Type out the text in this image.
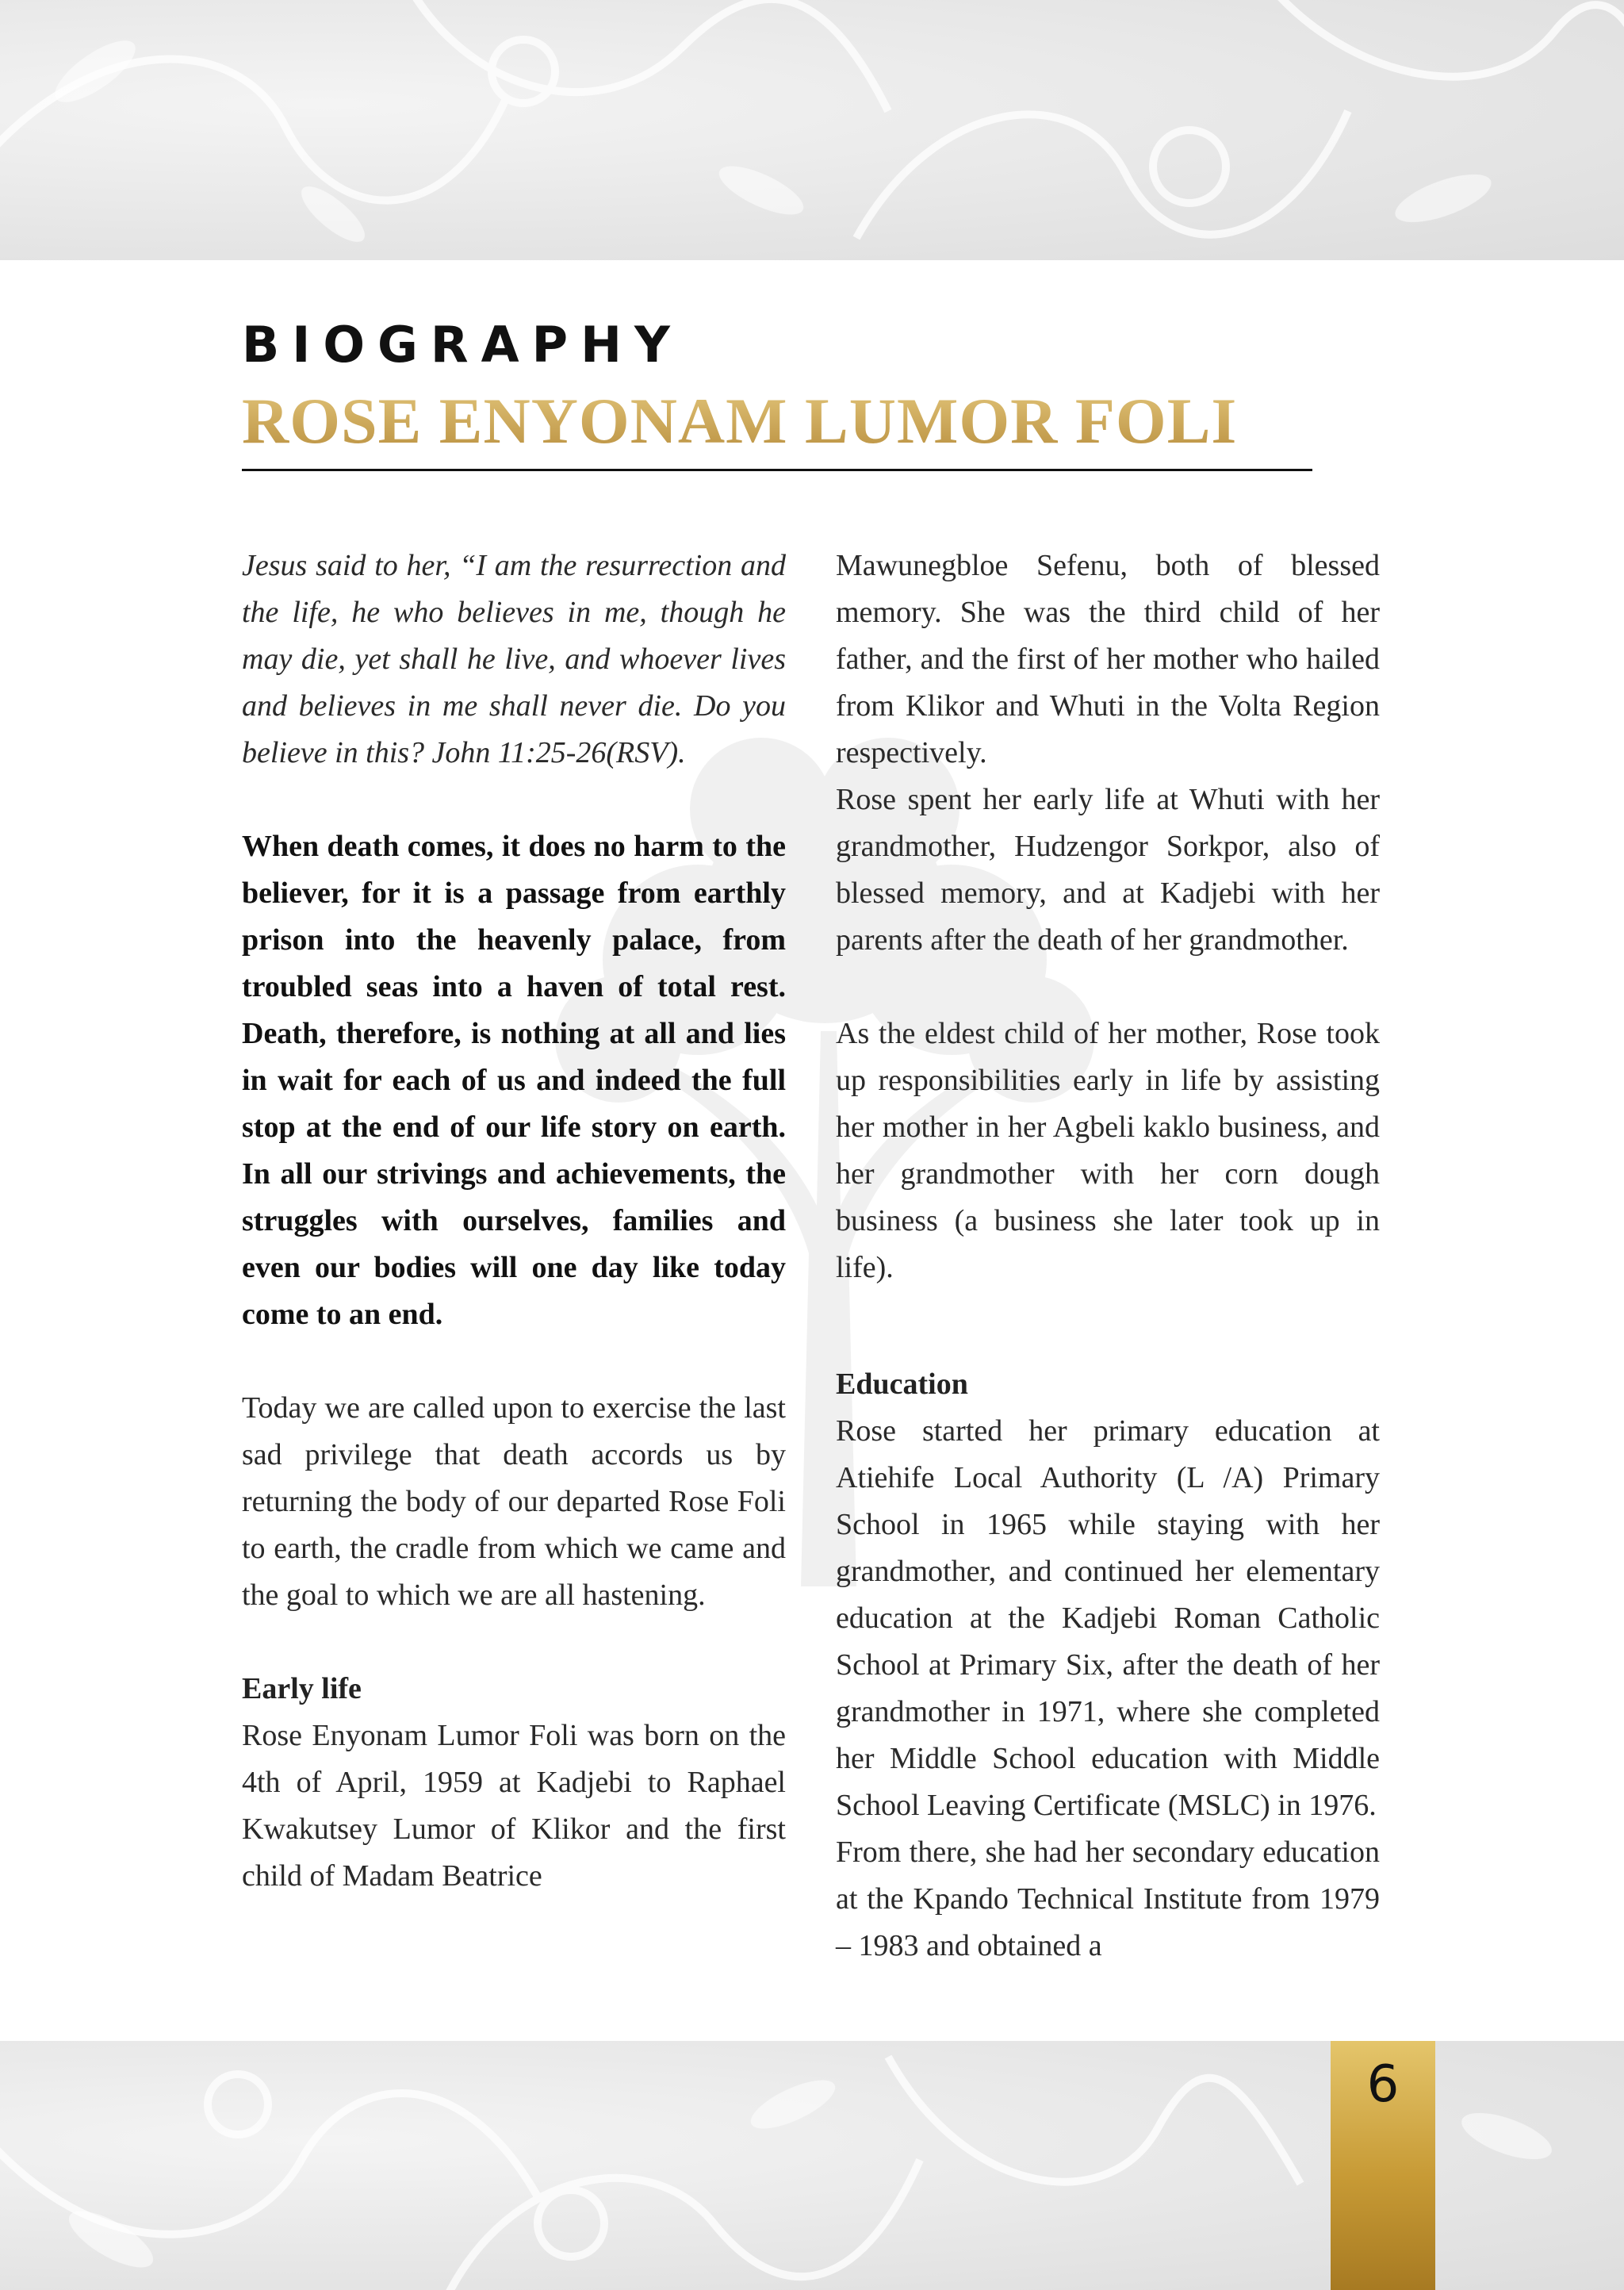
BIOGRAPHY
ROSE ENYONAM LUMOR FOLI

Jesus said to her, “I am the resurrection and the life, he who believes in me, though he may die, yet shall he live, and whoever lives and believes in me shall never die. Do you believe in this? John 11:25-26(RSV).

When death comes, it does no harm to the believer, for it is a passage from earthly prison into the heavenly palace, from troubled seas into a haven of total rest. Death, therefore, is nothing at all and lies in wait for each of us and indeed the full stop at the end of our life story on earth. In all our strivings and achievements, the struggles with ourselves, families and even our bodies will one day like today come to an end.

Today we are called upon to exercise the last sad privilege that death accords us by returning the body of our departed Rose Foli to earth, the cradle from which we came and the goal to which we are all hastening.

Early life

Rose Enyonam Lumor Foli was born on the 4th of April, 1959 at Kadjebi to Raphael Kwakutsey Lumor of Klikor and the first child of Madam Beatrice

Mawunegbloe Sefenu, both of blessed memory. She was the third child of her father, and the first of her mother who hailed from Klikor and Whuti in the Volta Region respectively.

Rose spent her early life at Whuti with her grandmother, Hudzengor Sorkpor, also of blessed memory, and at Kadjebi with her parents after the death of her grandmother.

As the eldest child of her mother, Rose took up responsibilities early in life by assisting her mother in her Agbeli kaklo business, and her grandmother with her corn dough business (a business she later took up in life).

Education

Rose started her primary education at Atiehife Local Authority (L /A) Primary School in 1965 while staying with her grandmother, and continued her elementary education at the Kadjebi Roman Catholic School at Primary Six, after the death of her grandmother in 1971, where she completed her Middle School education with Middle School Leaving Certificate (MSLC) in 1976.

From there, she had her secondary education at the Kpando Technical Institute from 1979 – 1983 and obtained a

6
